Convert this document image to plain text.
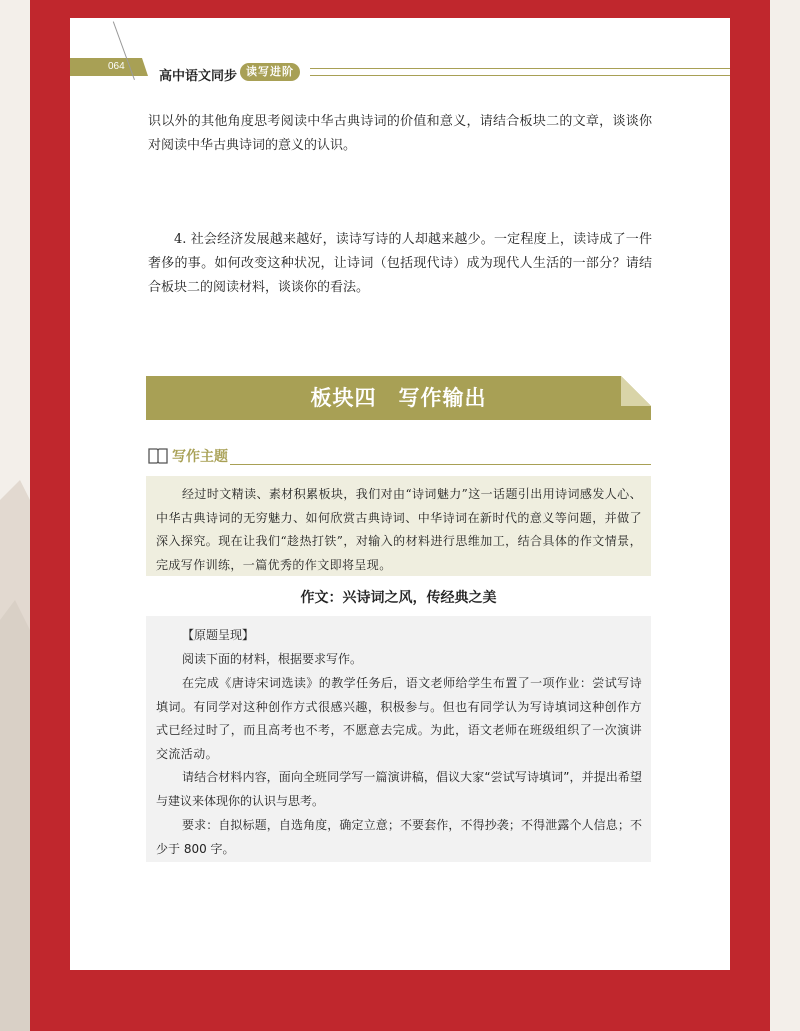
064
高中语文同步 读写进阶

识以外的其他角度思考阅读中华古典诗词的价值和意义，请结合板块二的文章，谈谈你对阅读中华古典诗词的意义的认识。

4. 社会经济发展越来越好，读诗写诗的人却越来越少。一定程度上，读诗成了一件奢侈的事。如何改变这种状况，让诗词（包括现代诗）成为现代人生活的一部分？请结合板块二的阅读材料，谈谈你的看法。

板块四　写作输出
写作主题

经过时文精读、素材积累板块，我们对由“诗词魅力”这一话题引出用诗词感发人心、中华古典诗词的无穷魅力、如何欣赏古典诗词、中华诗词在新时代的意义等问题，并做了深入探究。现在让我们“趁热打铁”，对输入的材料进行思维加工，结合具体的作文情景，完成写作训练，一篇优秀的作文即将呈现。

作文：兴诗词之风，传经典之美

【原题呈现】

阅读下面的材料，根据要求写作。

在完成《唐诗宋词选读》的教学任务后，语文老师给学生布置了一项作业：尝试写诗填词。有同学对这种创作方式很感兴趣，积极参与。但也有同学认为写诗填词这种创作方式已经过时了，而且高考也不考，不愿意去完成。为此，语文老师在班级组织了一次演讲交流活动。

请结合材料内容，面向全班同学写一篇演讲稿，倡议大家“尝试写诗填词”，并提出希望与建议来体现你的认识与思考。

要求：自拟标题，自选角度，确定立意；不要套作，不得抄袭；不得泄露个人信息；不少于 800 字。
